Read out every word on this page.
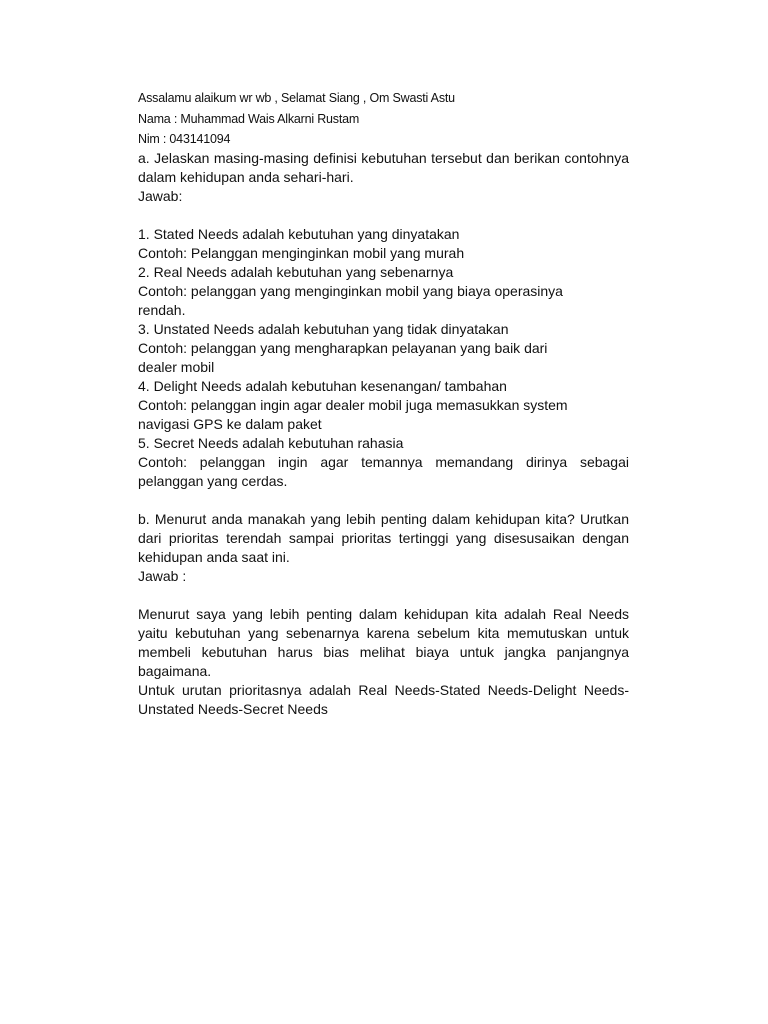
Assalamu alaikum wr wb , Selamat Siang , Om Swasti Astu

Nama : Muhammad Wais Alkarni Rustam

Nim : 043141094

a. Jelaskan masing-masing definisi kebutuhan tersebut dan berikan contohnya dalam kehidupan anda sehari-hari.

Jawab:

1. Stated Needs adalah kebutuhan yang dinyatakan

Contoh: Pelanggan menginginkan mobil yang murah

2. Real Needs adalah kebutuhan yang sebenarnya

Contoh: pelanggan yang menginginkan mobil yang biaya operasinya rendah.

3. Unstated Needs adalah kebutuhan yang tidak dinyatakan

Contoh: pelanggan yang mengharapkan pelayanan yang baik dari dealer mobil

4. Delight Needs adalah kebutuhan kesenangan/ tambahan

Contoh: pelanggan ingin agar dealer mobil juga memasukkan system navigasi GPS ke dalam paket

5. Secret Needs adalah kebutuhan rahasia

Contoh: pelanggan ingin agar temannya memandang dirinya sebagai pelanggan yang cerdas.

b. Menurut anda manakah yang lebih penting dalam kehidupan kita? Urutkan dari prioritas terendah sampai prioritas tertinggi yang disesusaikan dengan kehidupan anda saat ini.

Jawab :

Menurut saya yang lebih penting dalam kehidupan kita adalah Real Needs yaitu kebutuhan yang sebenarnya karena sebelum kita memutuskan untuk membeli kebutuhan harus bias melihat biaya untuk jangka panjangnya bagaimana.

Untuk urutan prioritasnya adalah Real Needs-Stated Needs-Delight Needs-Unstated Needs-Secret Needs
